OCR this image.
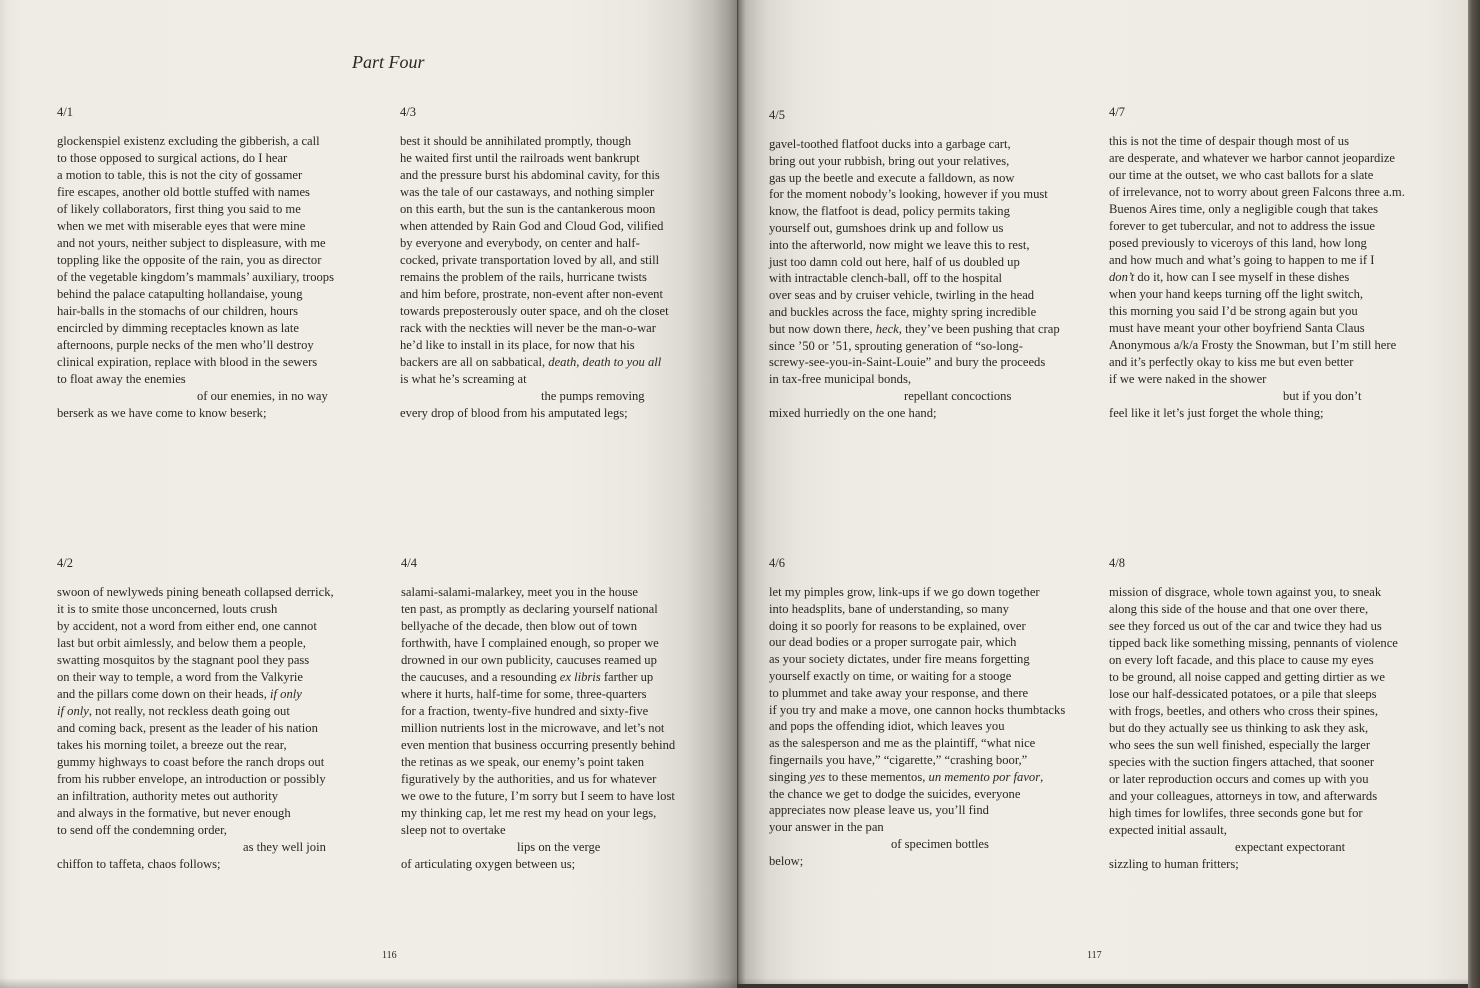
Part Four
4/1
glockenspiel existenz excluding the gibberish, a call
to those opposed to surgical actions, do I hear
a motion to table, this is not the city of gossamer
fire escapes, another old bottle stuffed with names
of likely collaborators, first thing you said to me
when we met with miserable eyes that were mine
and not yours, neither subject to displeasure, with me
toppling like the opposite of the rain, you as director
of the vegetable kingdom’s mammals’ auxiliary, troops
behind the palace catapulting hollandaise, young
hair-balls in the stomachs of our children, hours
encircled by dimming receptacles known as late
afternoons, purple necks of the men who’ll destroy
clinical expiration, replace with blood in the sewers
to float away the enemies
of our enemies, in no way
berserk as we have come to know beserk;
4/2
swoon of newlyweds pining beneath collapsed derrick,
it is to smite those unconcerned, louts crush
by accident, not a word from either end, one cannot
last but orbit aimlessly, and below them a people,
swatting mosquitos by the stagnant pool they pass
on their way to temple, a word from the Valkyrie
and the pillars come down on their heads, if only
if only, not really, not reckless death going out
and coming back, present as the leader of his nation
takes his morning toilet, a breeze out the rear,
gummy highways to coast before the ranch drops out
from his rubber envelope, an introduction or possibly
an infiltration, authority metes out authority
and always in the formative, but never enough
to send off the condemning order,
as they well join
chiffon to taffeta, chaos follows;
4/3
best it should be annihilated promptly, though
he waited first until the railroads went bankrupt
and the pressure burst his abdominal cavity, for this
was the tale of our castaways, and nothing simpler
on this earth, but the sun is the cantankerous moon
when attended by Rain God and Cloud God, vilified
by everyone and everybody, on center and half-
cocked, private transportation loved by all, and still
remains the problem of the rails, hurricane twists
and him before, prostrate, non-event after non-event
towards preposterously outer space, and oh the closet
rack with the neckties will never be the man-o-war
he’d like to install in its place, for now that his
backers are all on sabbatical, death, death to you all
is what he’s screaming at
the pumps removing
every drop of blood from his amputated legs;
4/4
salami-salami-malarkey, meet you in the house
ten past, as promptly as declaring yourself national
bellyache of the decade, then blow out of town
forthwith, have I complained enough, so proper we
drowned in our own publicity, caucuses reamed up
the caucuses, and a resounding ex libris farther up
where it hurts, half-time for some, three-quarters
for a fraction, twenty-five hundred and sixty-five
million nutrients lost in the microwave, and let’s not
even mention that business occurring presently behind
the retinas as we speak, our enemy’s point taken
figuratively by the authorities, and us for whatever
we owe to the future, I’m sorry but I seem to have lost
my thinking cap, let me rest my head on your legs,
sleep not to overtake
lips on the verge
of articulating oxygen between us;
116
4/5
gavel-toothed flatfoot ducks into a garbage cart,
bring out your rubbish, bring out your relatives,
gas up the beetle and execute a falldown, as now
for the moment nobody’s looking, however if you must
know, the flatfoot is dead, policy permits taking
yourself out, gumshoes drink up and follow us
into the afterworld, now might we leave this to rest,
just too damn cold out here, half of us doubled up
with intractable clench-ball, off to the hospital
over seas and by cruiser vehicle, twirling in the head
and buckles across the face, mighty spring incredible
but now down there, heck, they’ve been pushing that crap
since ’50 or ’51, sprouting generation of “so-long-
screwy-see-you-in-Saint-Louie” and bury the proceeds
in tax-free municipal bonds,
repellant concoctions
mixed hurriedly on the one hand;
4/6
let my pimples grow, link-ups if we go down together
into headsplits, bane of understanding, so many
doing it so poorly for reasons to be explained, over
our dead bodies or a proper surrogate pair, which
as your society dictates, under fire means forgetting
yourself exactly on time, or waiting for a stooge
to plummet and take away your response, and there
if you try and make a move, one cannon hocks thumbtacks
and pops the offending idiot, which leaves you
as the salesperson and me as the plaintiff, “what nice
fingernails you have,” “cigarette,” “crashing boor,”
singing yes to these mementos, un memento por favor,
the chance we get to dodge the suicides, everyone
appreciates now please leave us, you’ll find
your answer in the pan
of specimen bottles
below;
4/7
this is not the time of despair though most of us
are desperate, and whatever we harbor cannot jeopardize
our time at the outset, we who cast ballots for a slate
of irrelevance, not to worry about green Falcons three a.m.
Buenos Aires time, only a negligible cough that takes
forever to get tubercular, and not to address the issue
posed previously to viceroys of this land, how long
and how much and what’s going to happen to me if I
don’t do it, how can I see myself in these dishes
when your hand keeps turning off the light switch,
this morning you said I’d be strong again but you
must have meant your other boyfriend Santa Claus
Anonymous a/k/a Frosty the Snowman, but I’m still here
and it’s perfectly okay to kiss me but even better
if we were naked in the shower
but if you don’t
feel like it let’s just forget the whole thing;
4/8
mission of disgrace, whole town against you, to sneak
along this side of the house and that one over there,
see they forced us out of the car and twice they had us
tipped back like something missing, pennants of violence
on every loft facade, and this place to cause my eyes
to be ground, all noise capped and getting dirtier as we
lose our half-dessicated potatoes, or a pile that sleeps
with frogs, beetles, and others who cross their spines,
but do they actually see us thinking to ask they ask,
who sees the sun well finished, especially the larger
species with the suction fingers attached, that sooner
or later reproduction occurs and comes up with you
and your colleagues, attorneys in tow, and afterwards
high times for lowlifes, three seconds gone but for
expected initial assault,
expectant expectorant
sizzling to human fritters;
117
